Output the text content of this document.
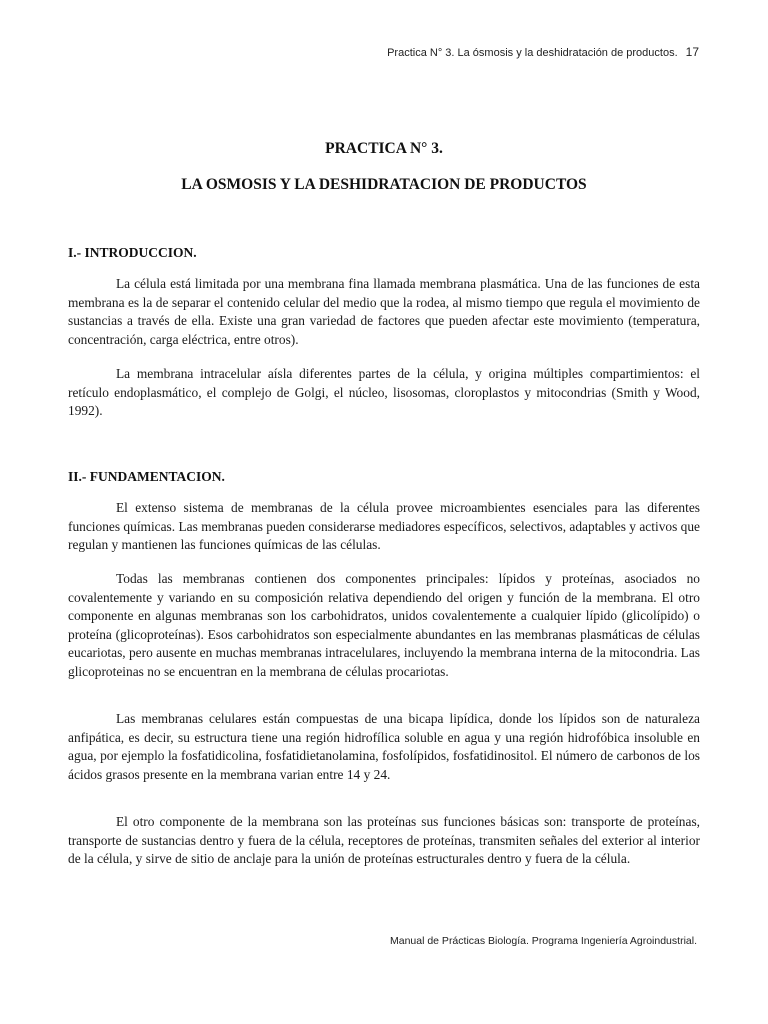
Practica N° 3. La ósmosis y la deshidratación de productos. 17
PRACTICA N° 3.
LA OSMOSIS Y LA DESHIDRATACION DE PRODUCTOS
I.- INTRODUCCION.

La célula está limitada por una membrana fina llamada membrana plasmática. Una de las funciones de esta membrana es la de separar el contenido celular del medio que la rodea, al mismo tiempo que regula el movimiento de sustancias a través de ella. Existe una gran variedad de factores que pueden afectar este movimiento (temperatura, concentración, carga eléctrica, entre otros).

La membrana intracelular aísla diferentes partes de la célula, y origina múltiples compartimientos: el retículo endoplasmático, el complejo de Golgi, el núcleo, lisosomas, cloroplastos y mitocondrias (Smith y Wood, 1992).

II.- FUNDAMENTACION.

El extenso sistema de membranas de la célula provee microambientes esenciales para las diferentes funciones químicas. Las membranas pueden considerarse mediadores específicos, selectivos, adaptables y activos que regulan y mantienen las funciones químicas de las células.

Todas las membranas contienen dos componentes principales: lípidos y proteínas, asociados no covalentemente y variando en su composición relativa dependiendo del origen y función de la membrana. El otro componente en algunas membranas son los carbohidratos, unidos covalentemente a cualquier lípido (glicolípido) o proteína (glicoproteínas). Esos carbohidratos son especialmente abundantes en las membranas plasmáticas de células eucariotas, pero ausente en muchas membranas intracelulares, incluyendo la membrana interna de la mitocondria. Las glicoproteinas no se encuentran en la membrana de células procariotas.

Las membranas celulares están compuestas de una bicapa lipídica, donde los lípidos son de naturaleza anfipática, es decir, su estructura tiene una región hidrofílica soluble en agua y una región hidrofóbica insoluble en agua, por ejemplo la fosfatidicolina, fosfatidietanolamina, fosfolípidos, fosfatidinositol. El número de carbonos de los ácidos grasos presente en la membrana varian entre 14 y 24.

El otro componente de la membrana son las proteínas sus funciones básicas son: transporte de proteínas, transporte de sustancias dentro y fuera de la célula, receptores de proteínas, transmiten señales del exterior al interior de la célula, y sirve de sitio de anclaje para la unión de proteínas estructurales dentro y fuera de la célula.

Manual de Prácticas Biología. Programa Ingeniería Agroindustrial.
